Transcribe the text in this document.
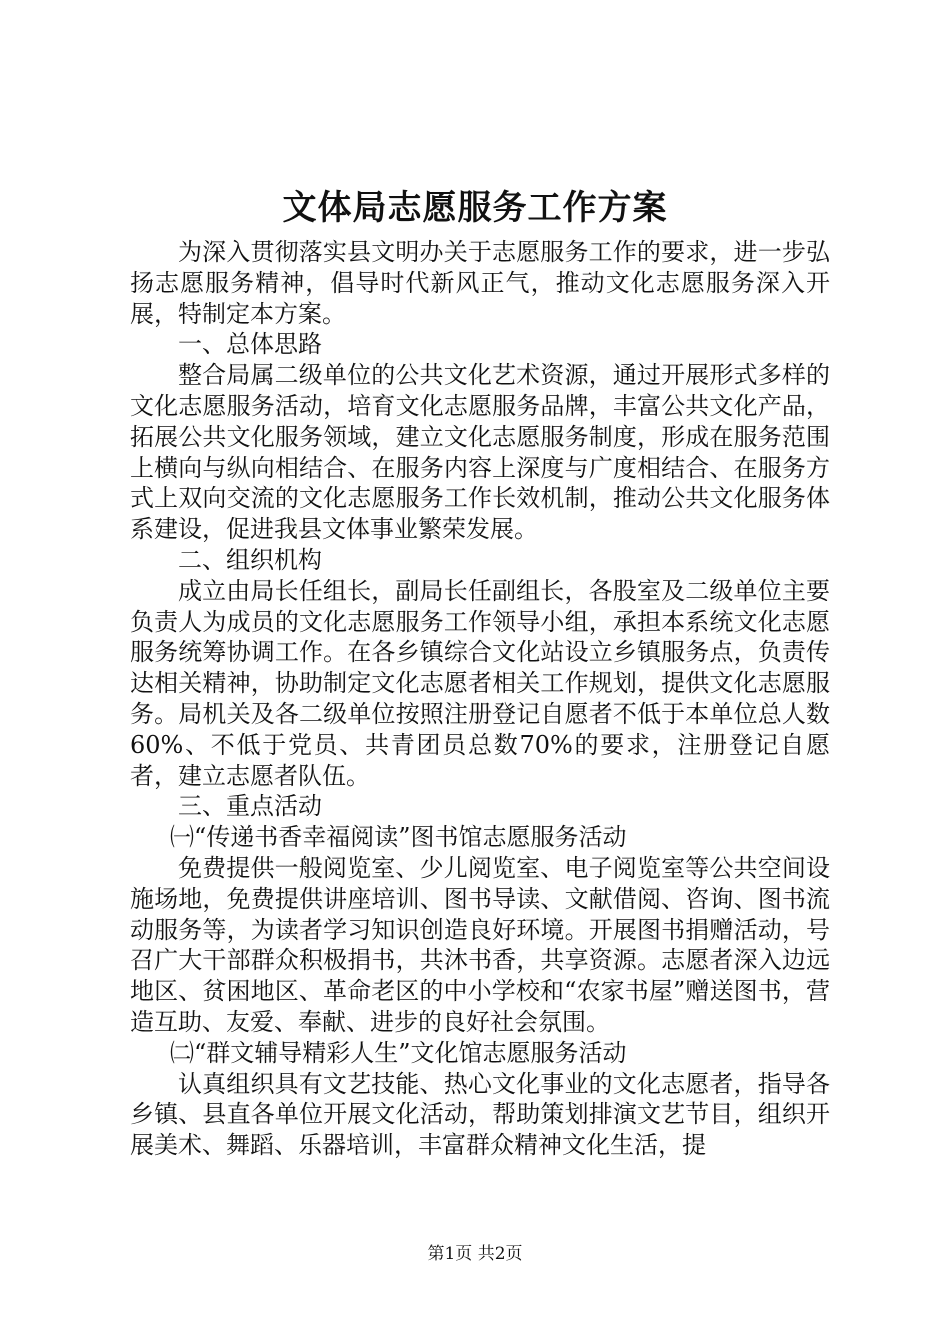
文体局志愿服务工作方案

为深入贯彻落实县文明办关于志愿服务工作的要求，进一步弘扬志愿服务精神，倡导时代新风正气，推动文化志愿服务深入开展，特制定本方案。

一、总体思路

整合局属二级单位的公共文化艺术资源，通过开展形式多样的文化志愿服务活动，培育文化志愿服务品牌，丰富公共文化产品，拓展公共文化服务领域，建立文化志愿服务制度，形成在服务范围上横向与纵向相结合、在服务内容上深度与广度相结合、在服务方式上双向交流的文化志愿服务工作长效机制，推动公共文化服务体系建设，促进我县文体事业繁荣发展。

二、组织机构

成立由局长任组长，副局长任副组长，各股室及二级单位主要负责人为成员的文化志愿服务工作领导小组，承担本系统文化志愿服务统筹协调工作。在各乡镇综合文化站设立乡镇服务点，负责传达相关精神，协助制定文化志愿者相关工作规划，提供文化志愿服务。局机关及各二级单位按照注册登记自愿者不低于本单位总人数60%、不低于党员、共青团员总数70%的要求，注册登记自愿者，建立志愿者队伍。

三、重点活动

㈠“传递书香幸福阅读”图书馆志愿服务活动

免费提供一般阅览室、少儿阅览室、电子阅览室等公共空间设施场地，免费提供讲座培训、图书导读、文献借阅、咨询、图书流动服务等，为读者学习知识创造良好环境。开展图书捐赠活动，号召广大干部群众积极捐书，共沐书香，共享资源。志愿者深入边远地区、贫困地区、革命老区的中小学校和“农家书屋”赠送图书，营造互助、友爱、奉献、进步的良好社会氛围。

㈡“群文辅导精彩人生”文化馆志愿服务活动

认真组织具有文艺技能、热心文化事业的文化志愿者，指导各乡镇、县直各单位开展文化活动，帮助策划排演文艺节目，组织开展美术、舞蹈、乐器培训，丰富群众精神文化生活，提

第1页 共2页
